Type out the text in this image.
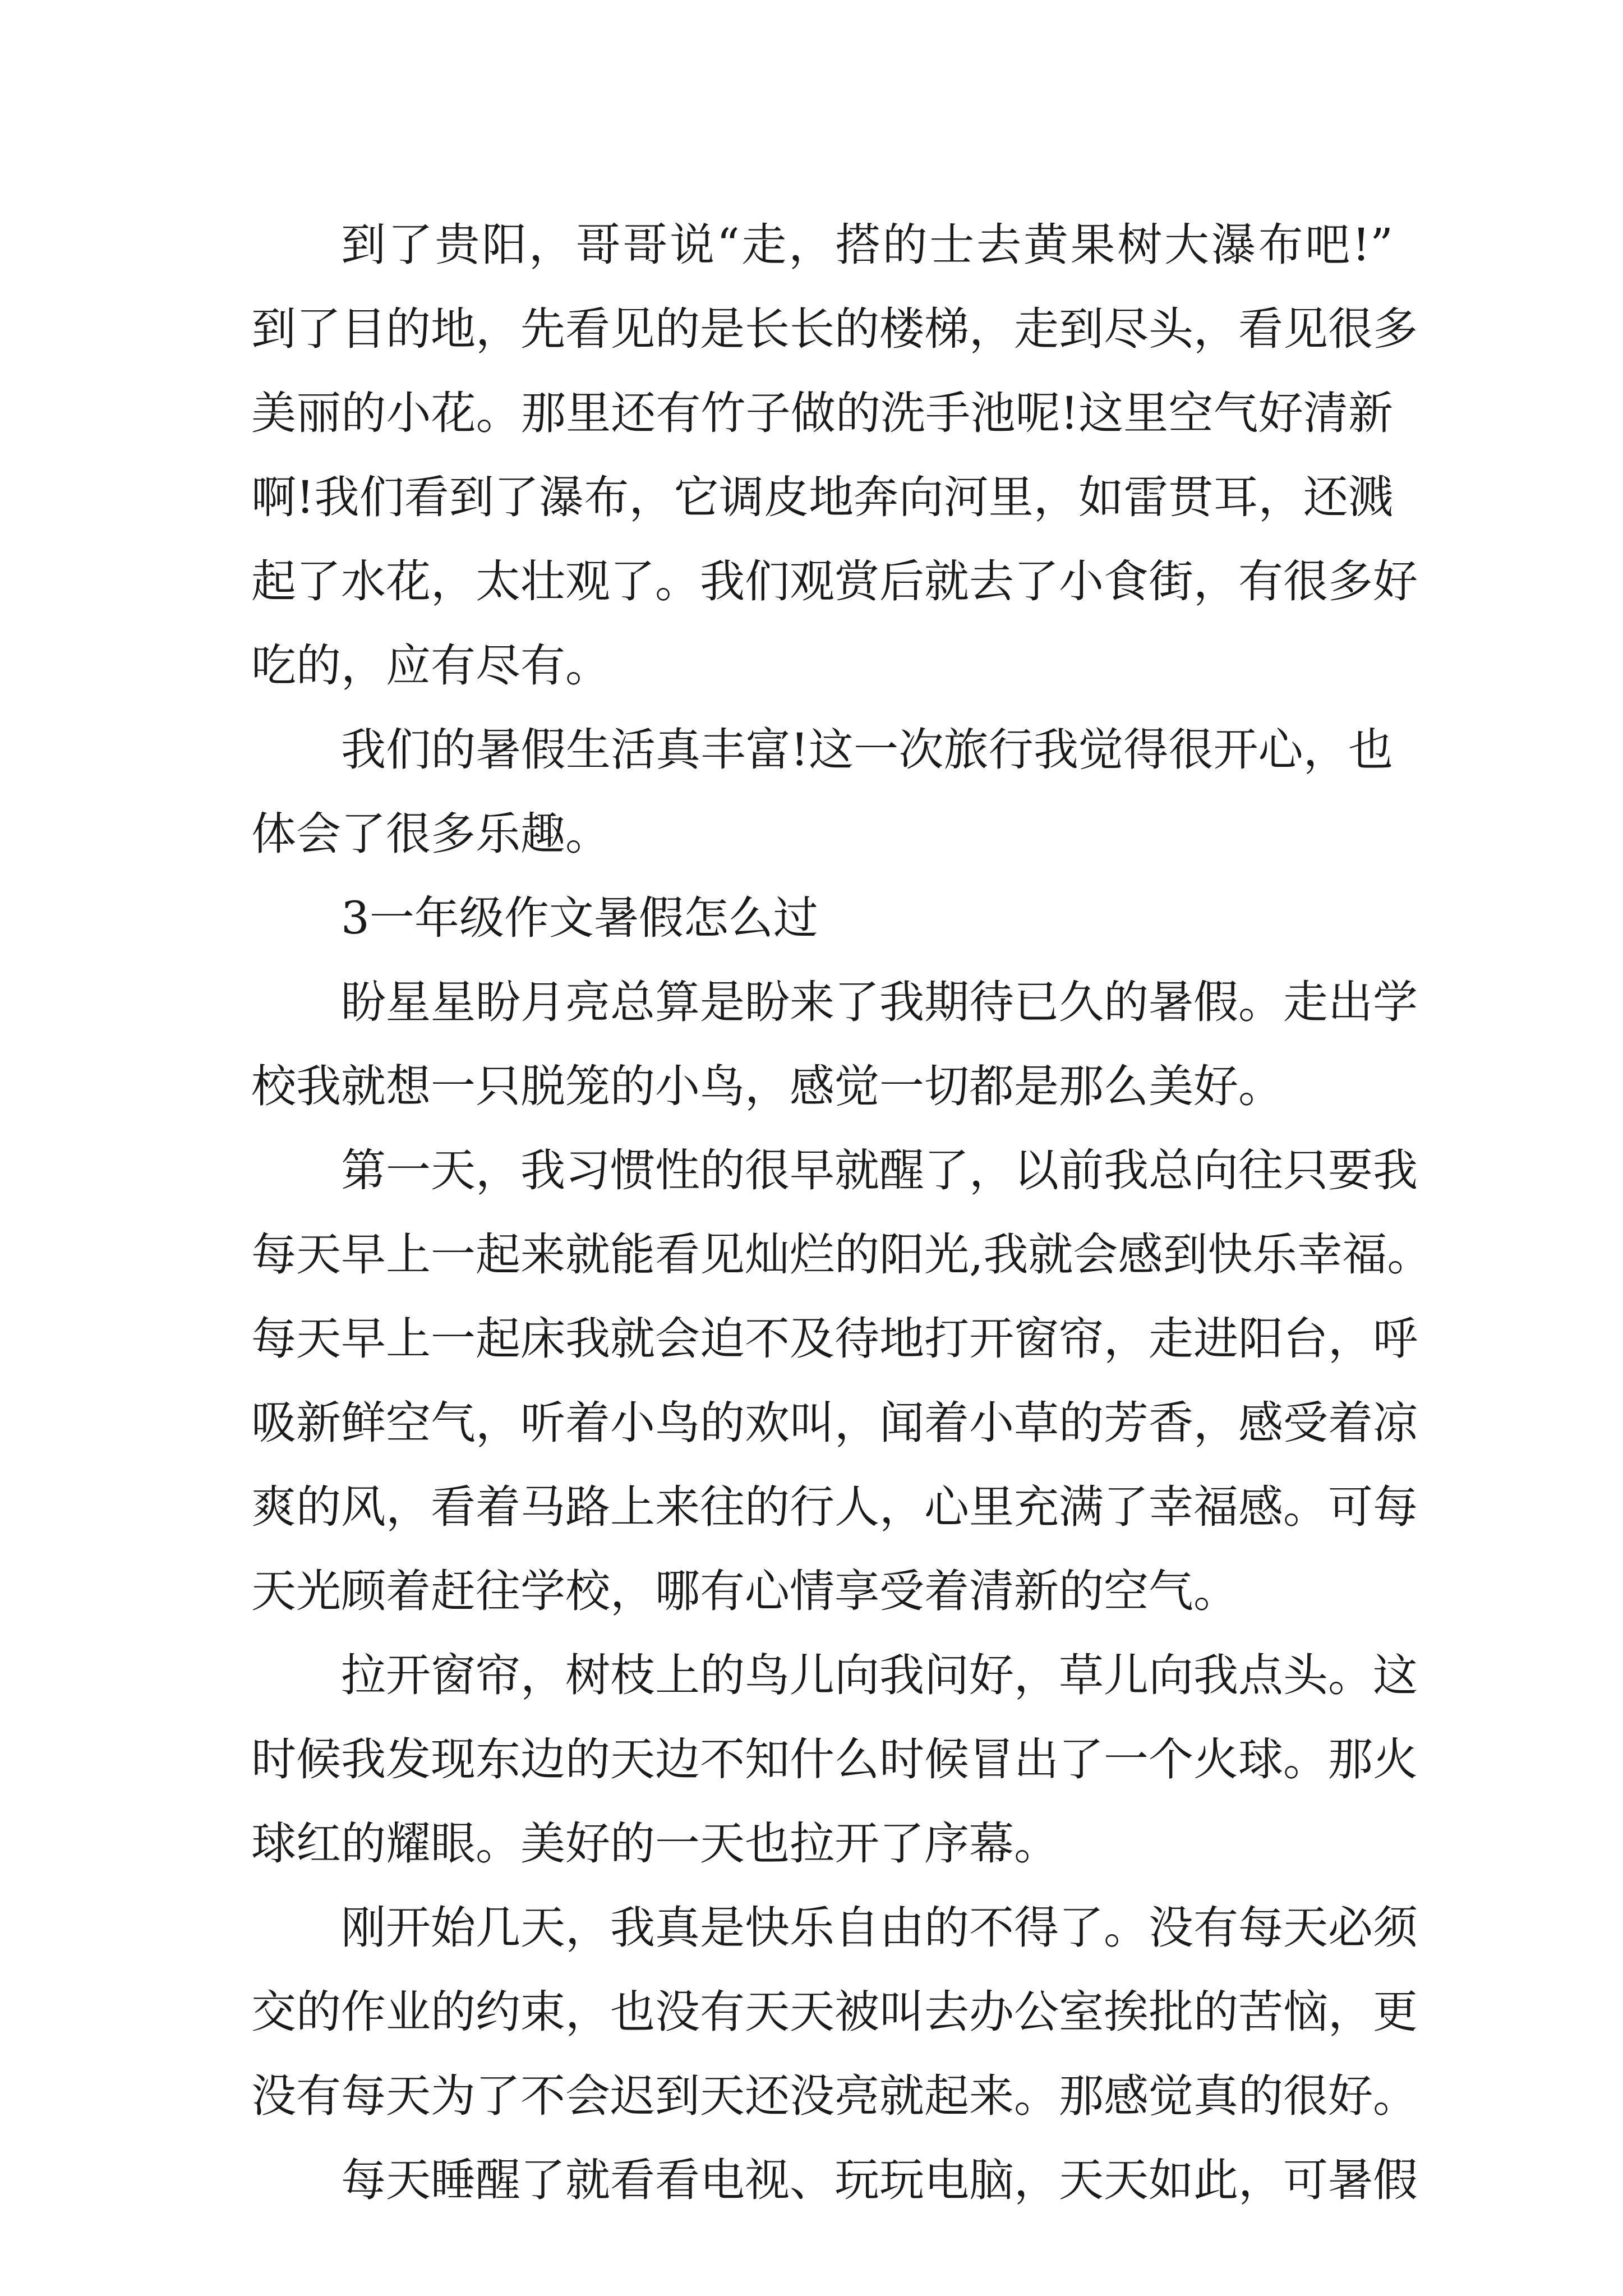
到了贵阳，哥哥说“走，搭的士去黄果树大瀑布吧!”
到了目的地，先看见的是长长的楼梯，走到尽头，看见很多
美丽的小花。那里还有竹子做的洗手池呢!这里空气好清新
啊!我们看到了瀑布，它调皮地奔向河里，如雷贯耳，还溅
起了水花，太壮观了。我们观赏后就去了小食街，有很多好
吃的，应有尽有。

我们的暑假生活真丰富!这一次旅行我觉得很开心，也
体会了很多乐趣。

3一年级作文暑假怎么过

盼星星盼月亮总算是盼来了我期待已久的暑假。走出学
校我就想一只脱笼的小鸟，感觉一切都是那么美好。

第一天，我习惯性的很早就醒了，以前我总向往只要我
每天早上一起来就能看见灿烂的阳光,我就会感到快乐幸福。
每天早上一起床我就会迫不及待地打开窗帘，走进阳台，呼
吸新鲜空气，听着小鸟的欢叫，闻着小草的芳香，感受着凉
爽的风，看着马路上来往的行人，心里充满了幸福感。可每
天光顾着赶往学校，哪有心情享受着清新的空气。

拉开窗帘，树枝上的鸟儿向我问好，草儿向我点头。这
时候我发现东边的天边不知什么时候冒出了一个火球。那火
球红的耀眼。美好的一天也拉开了序幕。

刚开始几天，我真是快乐自由的不得了。没有每天必须
交的作业的约束，也没有天天被叫去办公室挨批的苦恼，更
没有每天为了不会迟到天还没亮就起来。那感觉真的很好。

每天睡醒了就看看电视、玩玩电脑，天天如此，可暑假
